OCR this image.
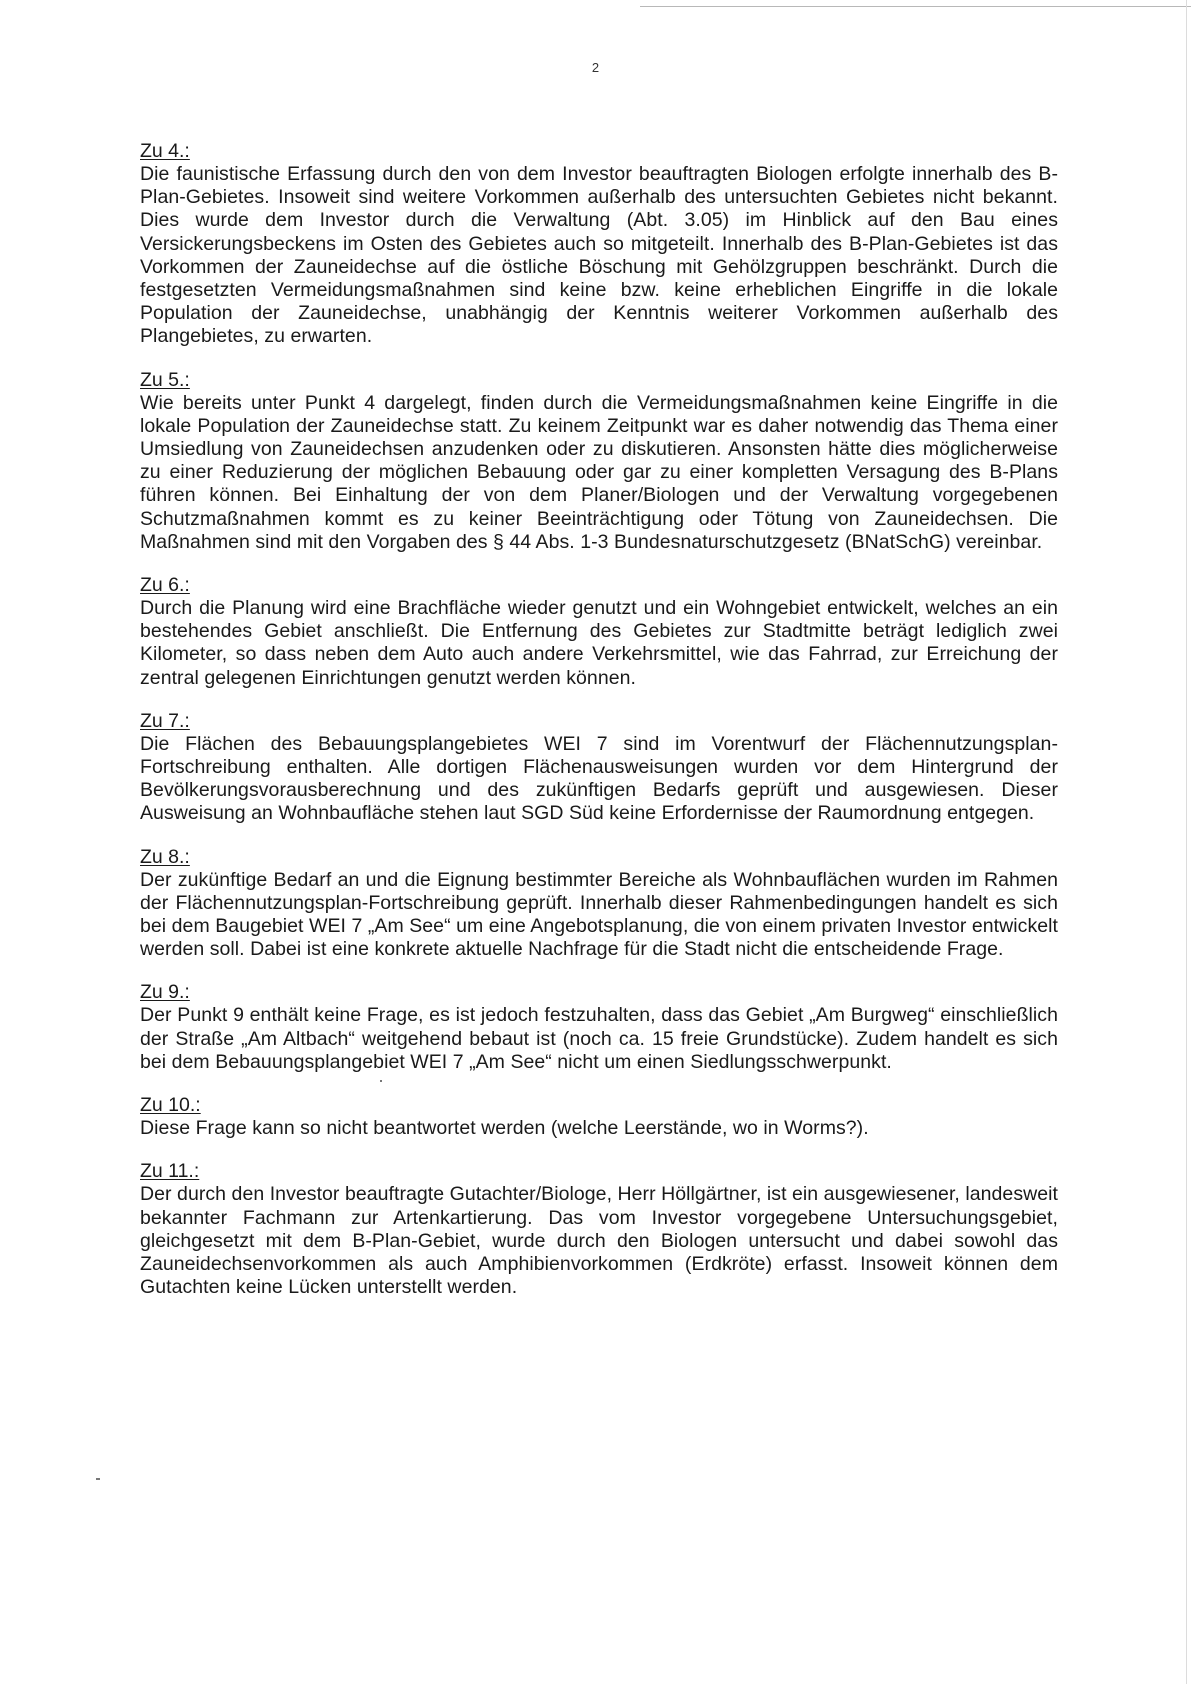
2
Zu 4.:

Die faunistische Erfassung durch den von dem Investor beauftragten Biologen erfolgte innerhalb des B-Plan-Gebietes. Insoweit sind weitere Vorkommen außerhalb des untersuchten Gebietes nicht bekannt. Dies wurde dem Investor durch die Verwaltung (Abt. 3.05) im Hinblick auf den Bau eines Versickerungsbeckens im Osten des Gebietes auch so mitgeteilt. Innerhalb des B-Plan-Gebietes ist das Vorkommen der Zauneidechse auf die östliche Böschung mit Gehölzgruppen beschränkt. Durch die festgesetzten Vermeidungsmaßnahmen sind keine bzw. keine erheblichen Eingriffe in die lokale Population der Zauneidechse, unabhängig der Kenntnis weiterer Vorkommen außerhalb des Plangebietes, zu erwarten.

Zu 5.:

Wie bereits unter Punkt 4 dargelegt, finden durch die Vermeidungsmaßnahmen keine Eingriffe in die lokale Population der Zauneidechse statt. Zu keinem Zeitpunkt war es daher notwendig das Thema einer Umsiedlung von Zauneidechsen anzudenken oder zu diskutieren. Ansonsten hätte dies möglicherweise zu einer Reduzierung der möglichen Bebauung oder gar zu einer kompletten Versagung des B-Plans führen können. Bei Einhaltung der von dem Planer/Biologen und der Verwaltung vorgegebenen Schutzmaßnahmen kommt es zu keiner Beeinträchtigung oder Tötung von Zauneidechsen. Die Maßnahmen sind mit den Vorgaben des § 44 Abs. 1-3 Bundesnaturschutzgesetz (BNatSchG) vereinbar.

Zu 6.:

Durch die Planung wird eine Brachfläche wieder genutzt und ein Wohngebiet entwickelt, welches an ein bestehendes Gebiet anschließt. Die Entfernung des Gebietes zur Stadtmitte beträgt lediglich zwei Kilometer, so dass neben dem Auto auch andere Verkehrsmittel, wie das Fahrrad, zur Erreichung der zentral gelegenen Einrichtungen genutzt werden können.

Zu 7.:

Die Flächen des Bebauungsplangebietes WEI 7 sind im Vorentwurf der Flächennutzungsplan-Fortschreibung enthalten. Alle dortigen Flächenausweisungen wurden vor dem Hintergrund der Bevölkerungsvorausberechnung und des zukünftigen Bedarfs geprüft und ausgewiesen. Dieser Ausweisung an Wohnbaufläche stehen laut SGD Süd keine Erfordernisse der Raumordnung entgegen.

Zu 8.:

Der zukünftige Bedarf an und die Eignung bestimmter Bereiche als Wohnbauflächen wurden im Rahmen der Flächennutzungsplan-Fortschreibung geprüft. Innerhalb dieser Rahmenbedingungen handelt es sich bei dem Baugebiet WEI 7 „Am See“ um eine Angebotsplanung, die von einem privaten Investor entwickelt werden soll. Dabei ist eine konkrete aktuelle Nachfrage für die Stadt nicht die entscheidende Frage.

Zu 9.:

Der Punkt 9 enthält keine Frage, es ist jedoch festzuhalten, dass das Gebiet „Am Burgweg“ einschließlich der Straße „Am Altbach“ weitgehend bebaut ist (noch ca. 15 freie Grundstücke). Zudem handelt es sich bei dem Bebauungsplangebiet WEI 7 „Am See“ nicht um einen Siedlungsschwerpunkt.

Zu 10.:

Diese Frage kann so nicht beantwortet werden (welche Leerstände, wo in Worms?).

Zu 11.:

Der durch den Investor beauftragte Gutachter/Biologe, Herr Höllgärtner, ist ein ausgewiesener, landesweit bekannter Fachmann zur Artenkartierung. Das vom Investor vorgegebene Untersuchungsgebiet, gleichgesetzt mit dem B-Plan-Gebiet, wurde durch den Biologen untersucht und dabei sowohl das Zauneidechsenvorkommen als auch Amphibienvorkommen (Erdkröte) erfasst. Insoweit können dem Gutachten keine Lücken unterstellt werden.
